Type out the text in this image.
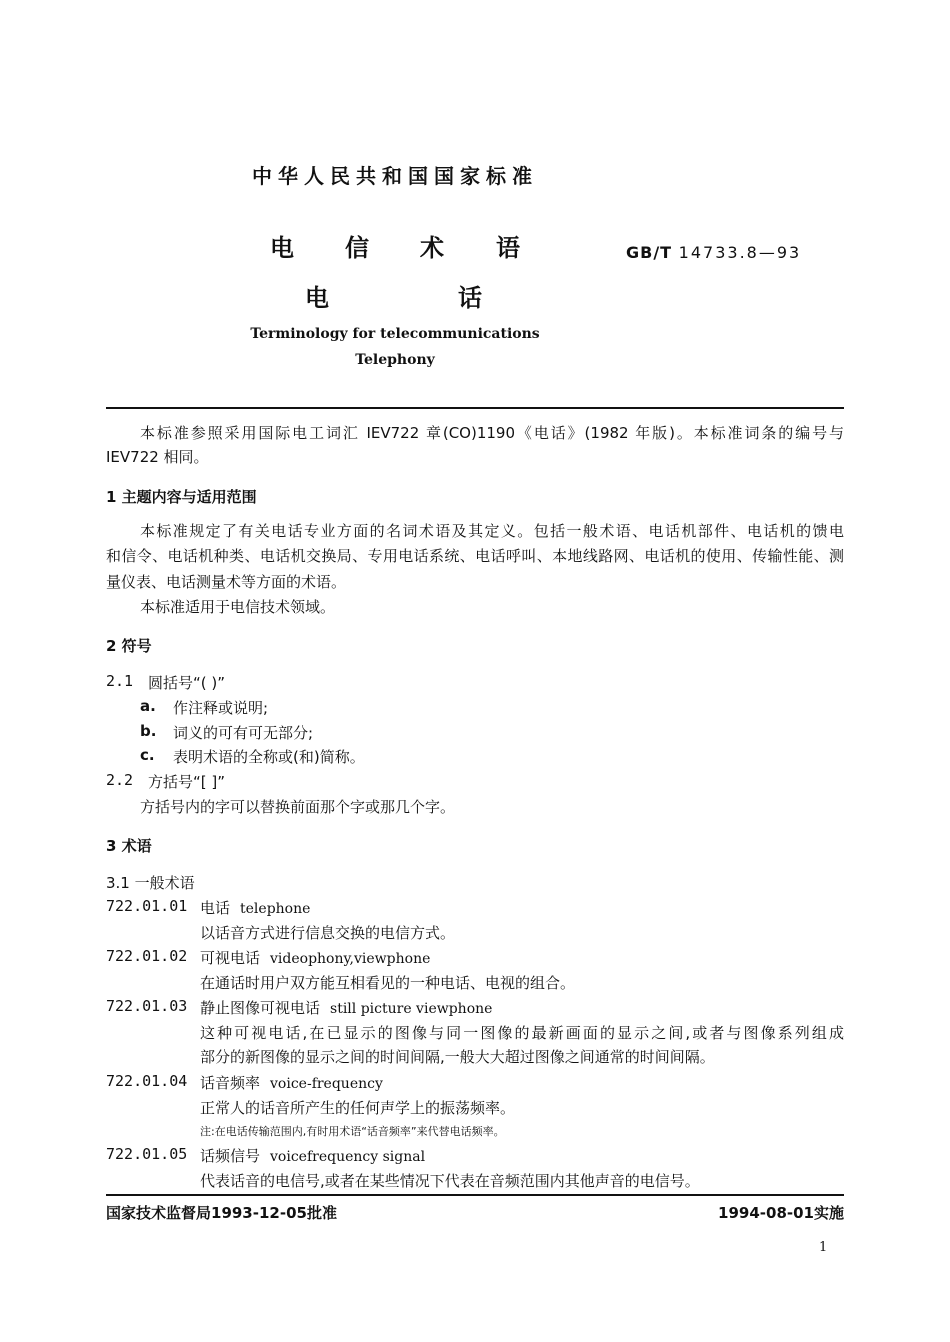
中华人民共和国国家标准
电 信 术 语	GB/T 14733.8—93
电	话
Terminology for telecommunications
Telephony
本标准参照采用国际电工词汇 IEV722 章(CO)1190《电话》(1982 年版)。本标准词条的编号与
IEV722 相同。
1 主题内容与适用范围
本标准规定了有关电话专业方面的名词术语及其定义。包括一般术语、电话机部件、电话机的馈电
和信令、电话机种类、电话机交换局、专用电话系统、电话呼叫、本地线路网、电话机的使用、传输性能、测
量仪表、电话测量术等方面的术语。
本标准适用于电信技术领域。
2 符号
2.1 圆括号“( )”
a. 作注释或说明;
b. 词义的可有可无部分;
c. 表明术语的全称或(和)简称。
2.2 方括号“[ ]”
方括号内的字可以替换前面那个字或那几个字。
3 术语
3.1 一般术语
722.01.01 电话 telephone
以话音方式进行信息交换的电信方式。
722.01.02 可视电话 videophony,viewphone
在通话时用户双方能互相看见的一种电话、电视的组合。
722.01.03 静止图像可视电话 still picture viewphone
这种可视电话,在已显示的图像与同一图像的最新画面的显示之间,或者与图像系列组成
部分的新图像的显示之间的时间间隔,一般大大超过图像之间通常的时间间隔。
722.01.04 话音频率 voice-frequency
正常人的话音所产生的任何声学上的振荡频率。
注:在电话传输范围内,有时用术语“话音频率”来代替电话频率。
722.01.05 话频信号 voicefrequency signal
代表话音的电信号,或者在某些情况下代表在音频范围内其他声音的电信号。
国家技术监督局1993-12-05批准	1994-08-01实施
1
